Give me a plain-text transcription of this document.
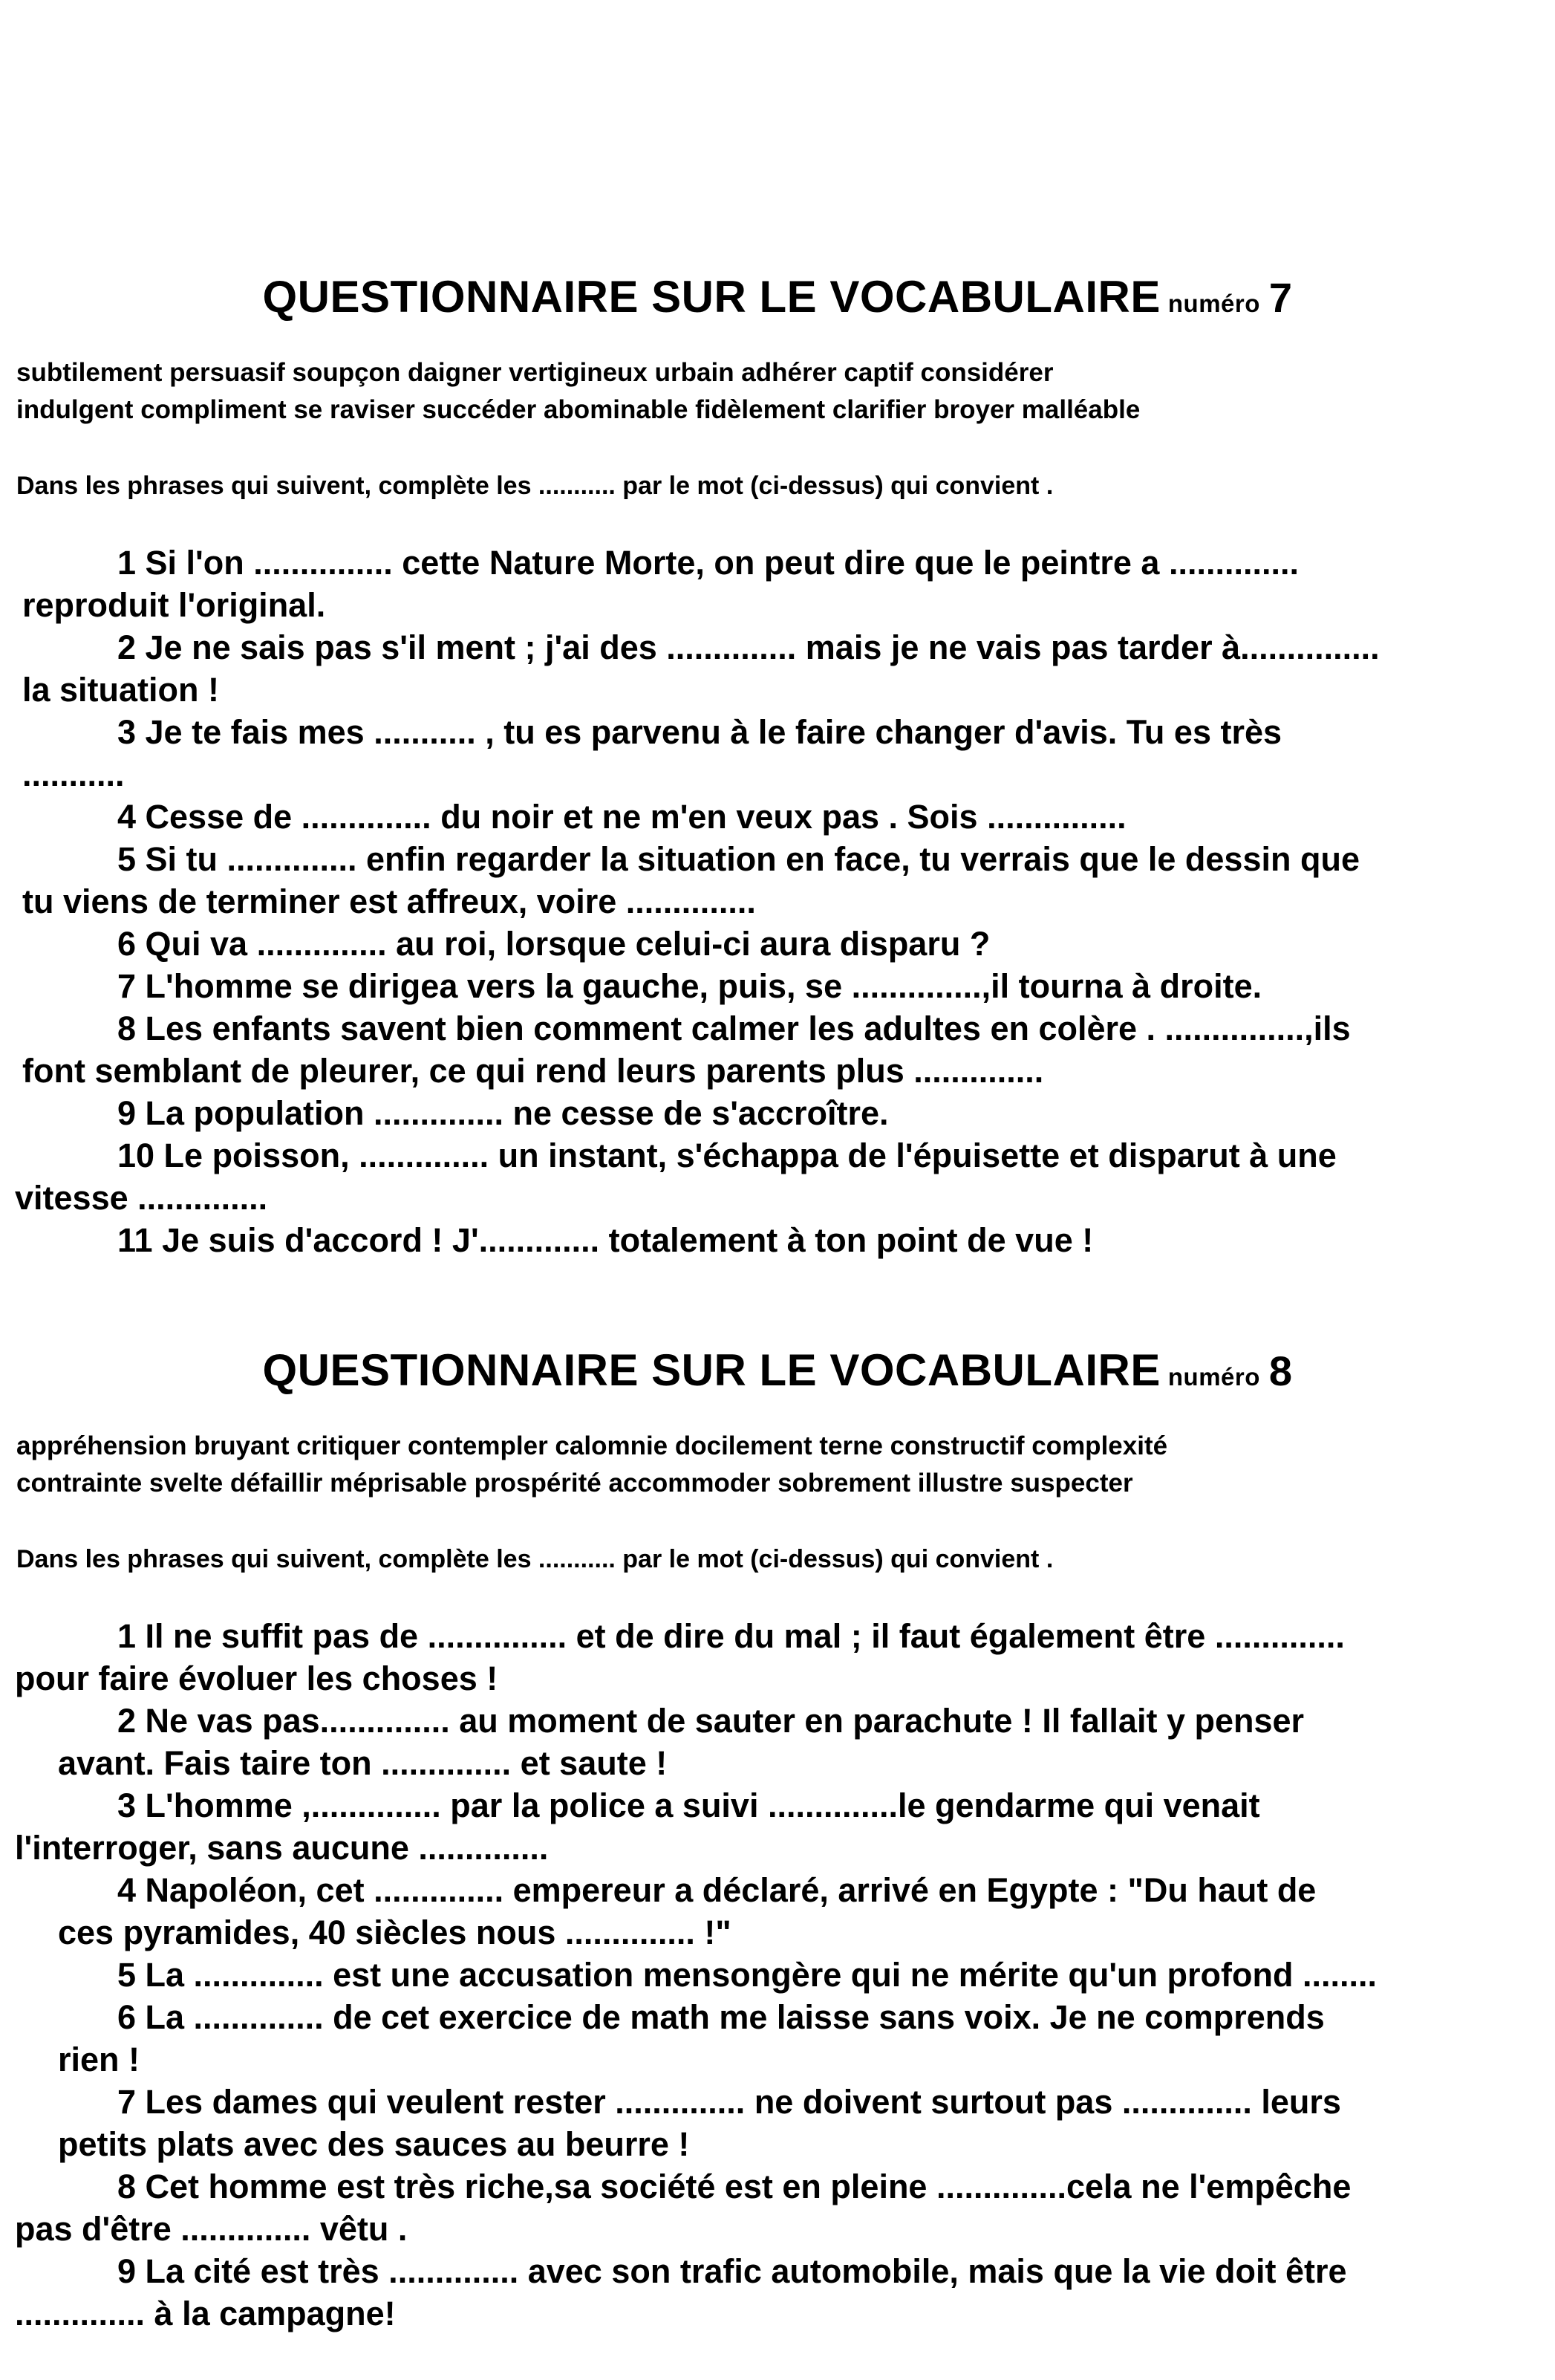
QUESTIONNAIRE SUR LE VOCABULAIRE numéro 7
subtilement persuasif soupçon daigner vertigineux urbain adhérer captif considérer
indulgent compliment se raviser succéder abominable fidèlement clarifier broyer malléable
Dans les phrases qui suivent, complète les ........... par le mot (ci-dessus) qui convient .
1 Si l'on ............... cette Nature Morte, on peut dire que le peintre a ..............
reproduit l'original.
2 Je ne sais pas s'il ment ; j'ai des .............. mais je ne vais pas tarder à...............
la situation !
3 Je te fais mes ........... , tu es parvenu à le faire changer d'avis. Tu es très
...........
4 Cesse de .............. du noir et ne m'en veux pas . Sois ...............
5 Si tu .............. enfin regarder la situation en face, tu verrais que le dessin que
tu viens de terminer est affreux, voire ..............
6 Qui va .............. au roi, lorsque celui-ci aura disparu ?
7 L'homme se dirigea vers la gauche, puis, se ..............,il tourna à droite.
8 Les enfants savent bien comment calmer les adultes en colère . ...............,ils
font semblant de pleurer, ce qui rend leurs parents plus ..............
9 La population .............. ne cesse de s'accroître.
10 Le poisson, .............. un instant, s'échappa de l'épuisette et disparut à une
vitesse ..............
11 Je suis d'accord ! J'............. totalement à ton point de vue !
QUESTIONNAIRE SUR LE VOCABULAIRE numéro 8
appréhension bruyant critiquer contempler calomnie docilement terne constructif complexité
contrainte svelte défaillir méprisable prospérité accommoder sobrement illustre suspecter
Dans les phrases qui suivent, complète les ........... par le mot (ci-dessus) qui convient .
1 Il ne suffit pas de ............... et de dire du mal ; il faut également être ..............
pour faire évoluer les choses !
2 Ne vas pas.............. au moment de sauter en parachute ! Il fallait y penser
avant. Fais taire ton .............. et saute !
3 L'homme ,.............. par la police a suivi ..............le gendarme qui venait
l'interroger, sans aucune ..............
4 Napoléon, cet .............. empereur a déclaré, arrivé en Egypte : "Du haut de
ces pyramides, 40 siècles nous .............. !"
5 La .............. est une accusation mensongère qui ne mérite qu'un profond ........
6 La .............. de cet exercice de math me laisse sans voix. Je ne comprends
rien !
7 Les dames qui veulent rester .............. ne doivent surtout pas .............. leurs
petits plats avec des sauces au beurre !
8 Cet homme est très riche,sa société est en pleine ..............cela ne l'empêche
pas d'être .............. vêtu .
9 La cité est très .............. avec son trafic automobile, mais que la vie doit être
.............. à la campagne!
